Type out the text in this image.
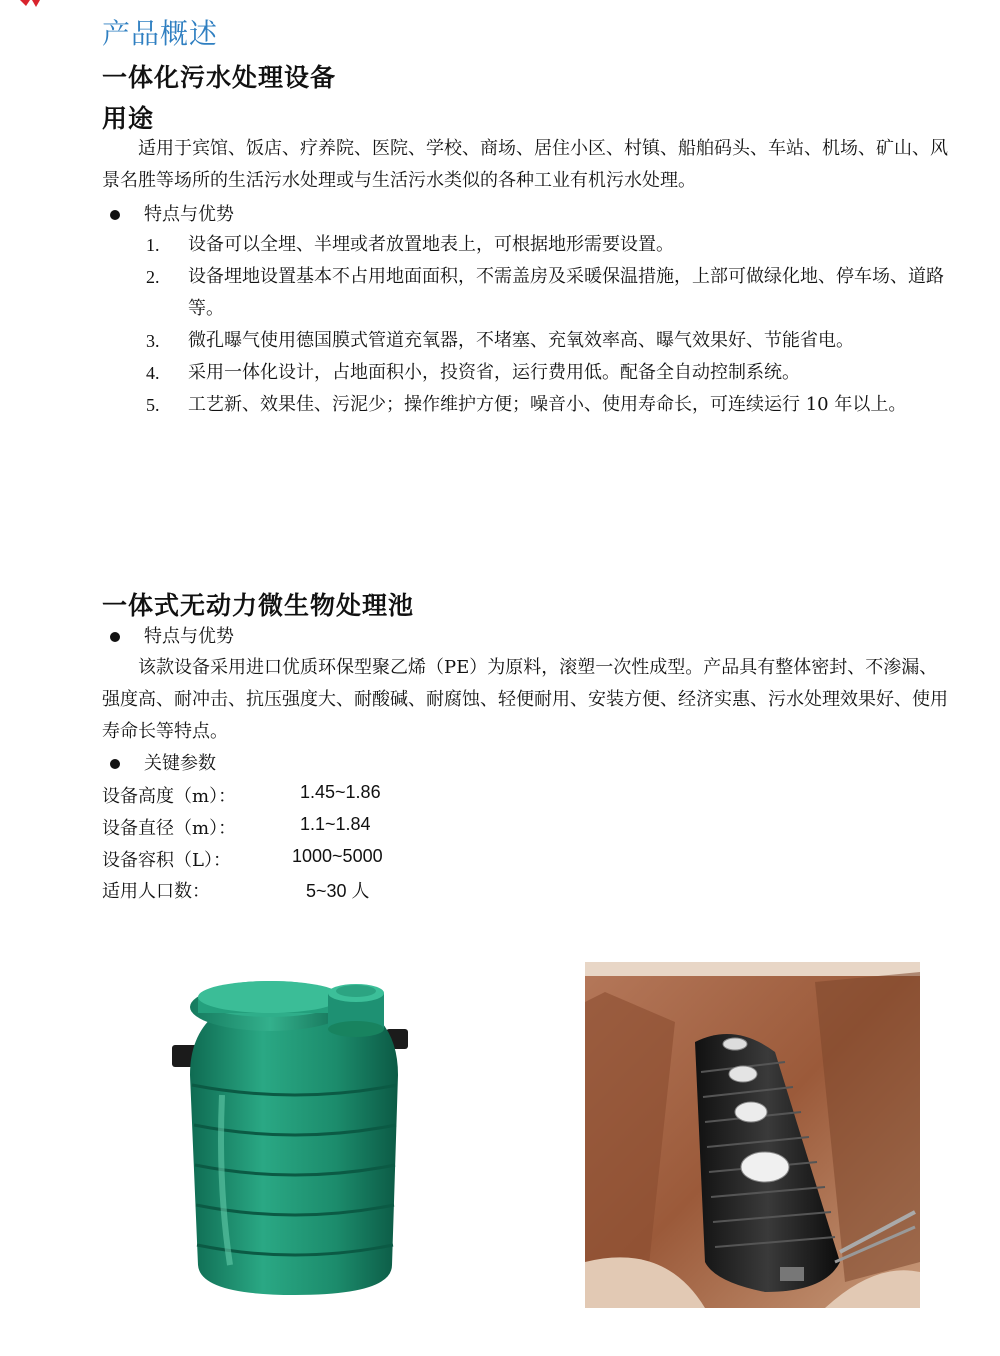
产品概述
一体化污水处理设备
用途
适用于宾馆、饭店、疗养院、医院、学校、商场、居住小区、村镇、船舶码头、车站、机场、矿山、风景名胜等场所的生活污水处理或与生活污水类似的各种工业有机污水处理。
特点与优势
1. 设备可以全埋、半埋或者放置地表上，可根据地形需要设置。
2. 设备埋地设置基本不占用地面面积，不需盖房及采暖保温措施，上部可做绿化地、停车场、道路等。
3. 微孔曝气使用德国膜式管道充氧器，不堵塞、充氧效率高、曝气效果好、节能省电。
4. 采用一体化设计，占地面积小，投资省，运行费用低。配备全自动控制系统。
5. 工艺新、效果佳、污泥少；操作维护方便；噪音小、使用寿命长，可连续运行 10 年以上。
一体式无动力微生物处理池
特点与优势
该款设备采用进口优质环保型聚乙烯（PE）为原料，滚塑一次性成型。产品具有整体密封、不渗漏、强度高、耐冲击、抗压强度大、耐酸碱、耐腐蚀、轻便耐用、安装方便、经济实惠、污水处理效果好、使用寿命长等特点。
关键参数
设备高度（m）：	1.45~1.86
设备直径（m）：	1.1~1.84
设备容积（L）：	1000~5000
适用人口数：	5~30 人
